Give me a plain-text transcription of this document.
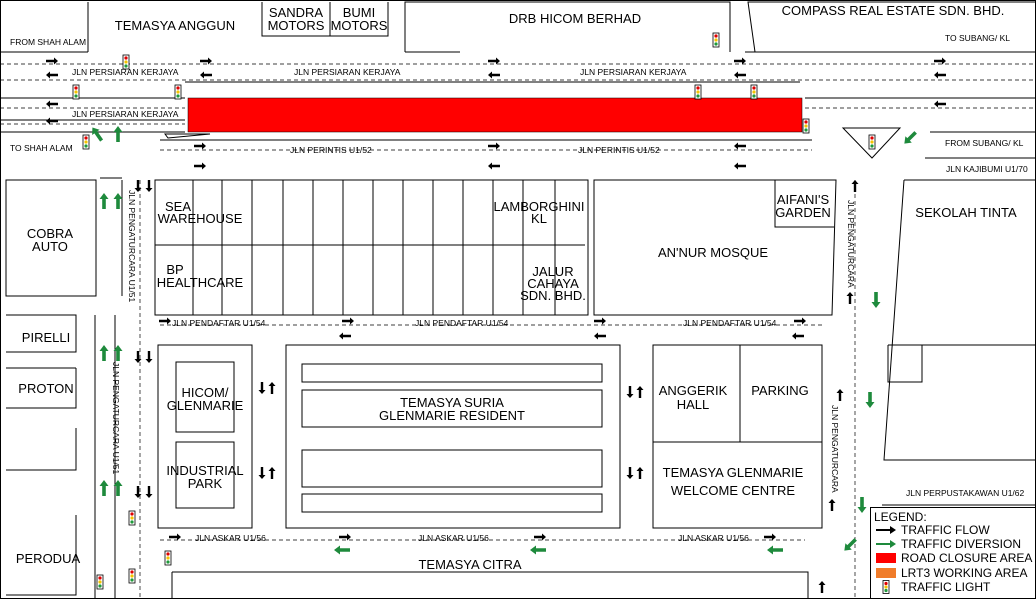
TEMASYA ANGGUN
SANDRA
MOTORS
BUMI
MOTORS	DRB HICOM BERHAD
COMPASS REAL ESTATE SDN. BHD.
COBRA
AUTO
SEA
WAREHOUSE
BP
HEALTHCARE
LAMBORGHINI
KL
JALUR
CAHAYA
SDN. BHD.
AIFANI'S
GARDEN
AN'NUR MOSQUE
SEKOLAH TINTA
PIRELLI
PROTON
PERODUA
HICOM/
GLENMARIE
INDUSTRIAL
PARK
TEMASYA SURIA
GLENMARIE RESIDENT
ANGGERIK
HALL
PARKING
TEMASYA GLENMARIE
WELCOME CENTRE
TEMASYA CITRA
FROM SHAH ALAM
TO SHAH ALAM
TO SUBANG/ KL
FROM SUBANG/ KL
JLN PERSIARAN KERJAYA	JLN PERSIARAN KERJAYA	JLN PERSIARAN KERJAYA
JLN PERSIARAN KERJAYA
JLN PERINTIS U1/52	JLN PERINTIS U1/52
JLN KAJIBUMI U1/70
JLN PENDAFTAR U1/54	JLN PENDAFTAR U1/54	JLN PENDAFTAR U1/54
JLN ASKAR U1/56	JLN ASKAR U1/56	JLN ASKAR U1/56
JLN PERPUSTAKAWAN U1/62
JLN PENGATURCARA U1/51
JLN PENGATURCARA U1/51
JLN PENGATURCARA
JLN PENGATURCARA
LEGEND:
TRAFFIC FLOW
TRAFFIC DIVERSION
ROAD CLOSURE AREA
LRT3 WORKING AREA
TRAFFIC LIGHT
